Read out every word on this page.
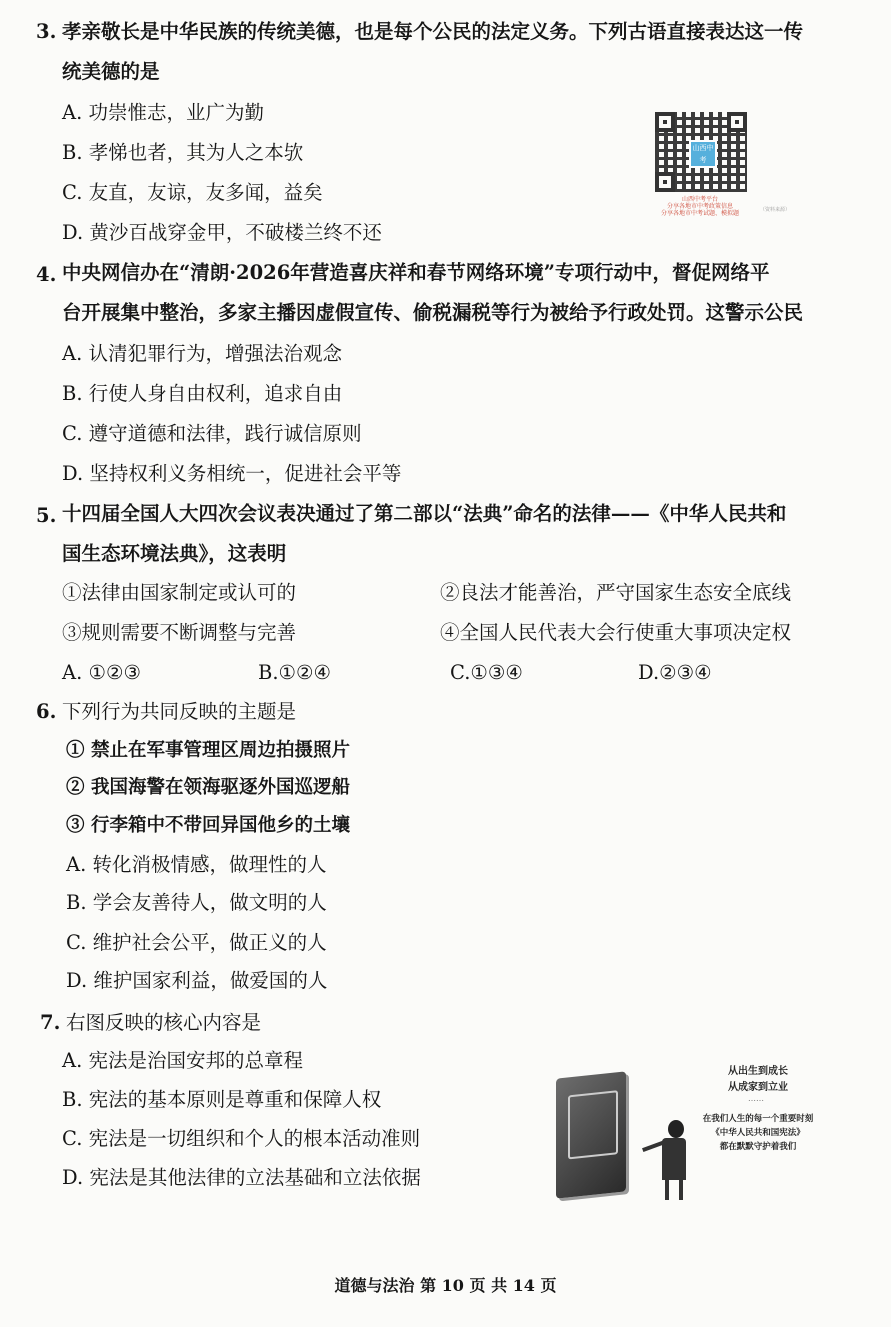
3. 孝亲敬长是中华民族的传统美德，也是每个公民的法定义务。下列古语直接表达这一传
统美德的是
A. 功崇惟志，业广为勤
B. 孝悌也者，其为人之本欤
C. 友直，友谅，友多闻，益矣
D. 黄沙百战穿金甲，不破楼兰终不还
山西中考
山西中考平台
分享各地市中考政策信息
分享各地市中考试题、模拟题	（资料来源）
4. 中央网信办在“清朗·2026年营造喜庆祥和春节网络环境”专项行动中，督促网络平
台开展集中整治，多家主播因虚假宣传、偷税漏税等行为被给予行政处罚。这警示公民
A. 认清犯罪行为，增强法治观念
B. 行使人身自由权利，追求自由
C. 遵守道德和法律，践行诚信原则
D. 坚持权利义务相统一，促进社会平等
5. 十四届全国人大四次会议表决通过了第二部以“法典”命名的法律——《中华人民共和
国生态环境法典》，这表明
①法律由国家制定或认可的	②良法才能善治，严守国家生态安全底线
③规则需要不断调整与完善	④全国人民代表大会行使重大事项决定权
A. ①②③	B.①②④	C.①③④	D.②③④
6. 下列行为共同反映的主题是
① 禁止在军事管理区周边拍摄照片
② 我国海警在领海驱逐外国巡逻船
③ 行李箱中不带回异国他乡的土壤
A. 转化消极情感，做理性的人
B. 学会友善待人，做文明的人
C. 维护社会公平，做正义的人
D. 维护国家利益，做爱国的人
7. 右图反映的核心内容是
A. 宪法是治国安邦的总章程
B. 宪法的基本原则是尊重和保障人权
C. 宪法是一切组织和个人的根本活动准则
D. 宪法是其他法律的立法基础和立法依据
从出生到成长
从成家到立业
……
在我们人生的每一个重要时刻
《中华人民共和国宪法》
都在默默守护着我们
道德与法治 第 10 页 共 14 页
